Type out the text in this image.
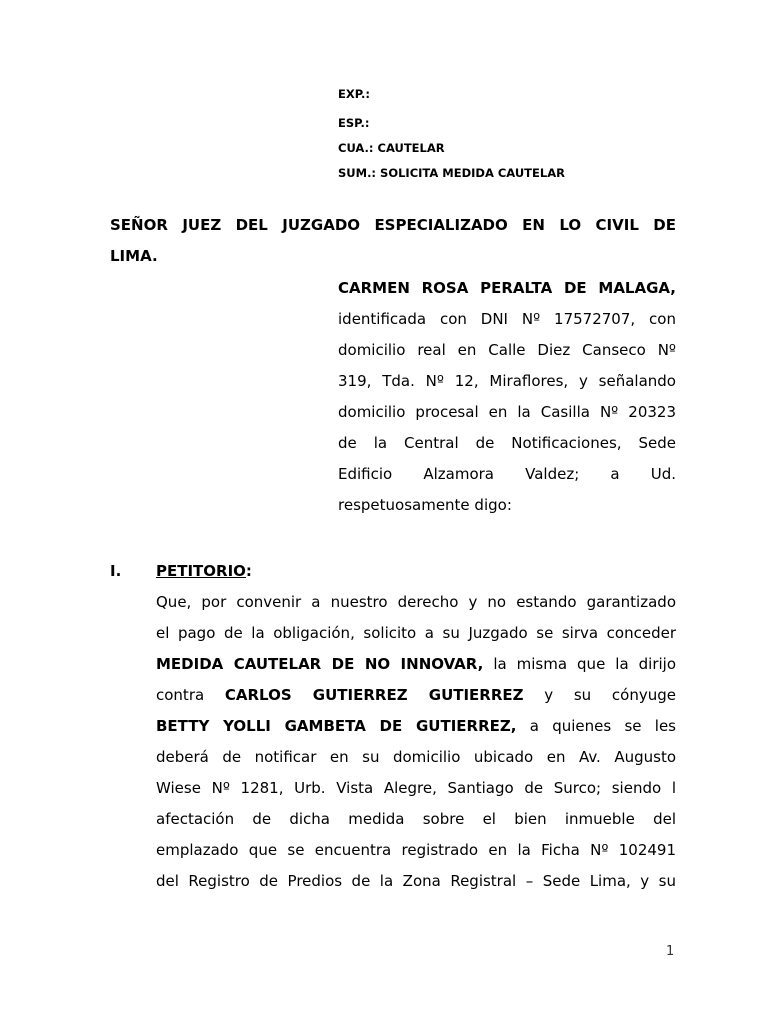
EXP.:
ESP.:
CUA.: CAUTELAR
SUM.: SOLICITA MEDIDA CAUTELAR
SEÑOR JUEZ DEL JUZGADO ESPECIALIZADO EN LO CIVIL DE
LIMA.
CARMEN ROSA PERALTA DE MALAGA,
identificada con DNI Nº 17572707, con
domicilio real en Calle Diez Canseco Nº
319, Tda. Nº 12, Miraflores, y señalando
domicilio procesal en la Casilla Nº 20323
de la Central de Notificaciones, Sede
Edificio Alzamora Valdez; a Ud.
respetuosamente digo:
I. PETITORIO:
Que, por convenir a nuestro derecho y no estando garantizado
el pago de la obligación, solicito a su Juzgado se sirva conceder
MEDIDA CAUTELAR DE NO INNOVAR, la misma que la dirijo
contra CARLOS GUTIERREZ GUTIERREZ y su cónyuge
BETTY YOLLI GAMBETA DE GUTIERREZ, a quienes se les
deberá de notificar en su domicilio ubicado en Av. Augusto
Wiese Nº 1281, Urb. Vista Alegre, Santiago de Surco; siendo l
afectación de dicha medida sobre el bien inmueble del
emplazado que se encuentra registrado en la Ficha Nº 102491
del Registro de Predios de la Zona Registral – Sede Lima, y su
1
